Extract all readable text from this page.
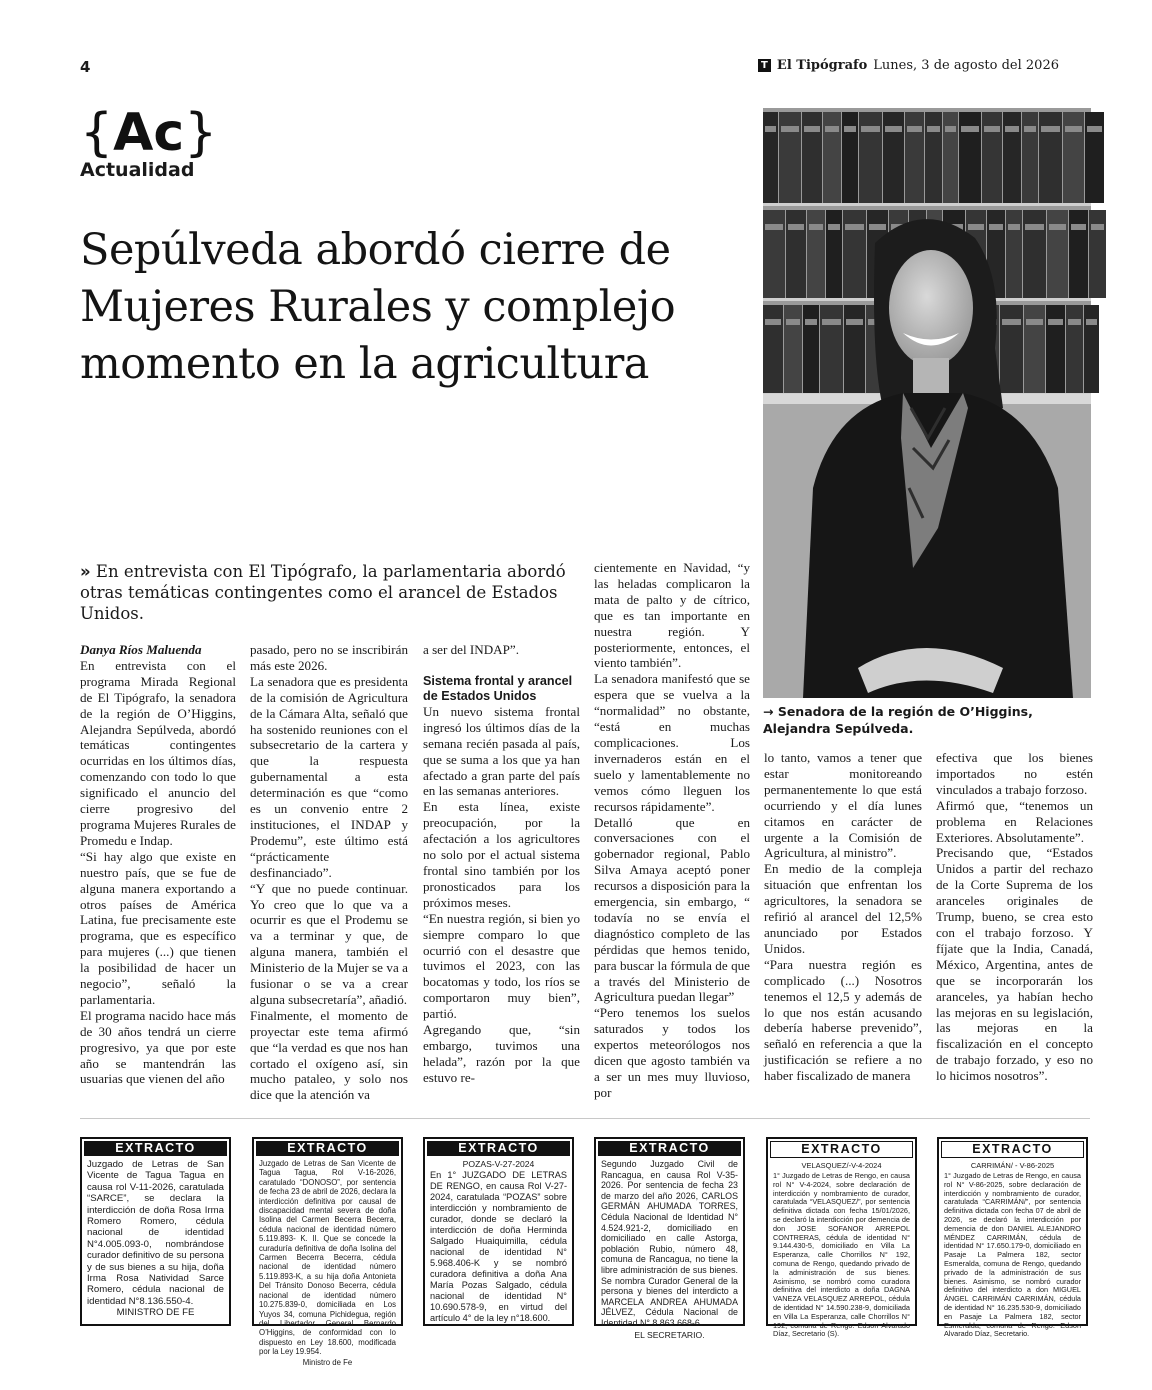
4	T El Tipógrafo Lunes, 3 de agosto del 2026
{Ac}
Actualidad
Sepúlveda abordó cierre de Mujeres Rurales y complejo momento en la agricultura
→ Senadora de la región de O’Higgins, Alejandra Sepúlveda.
» En entrevista con El Tipógrafo, la parlamentaria abordó otras temáticas contingentes como el arancel de Estados Unidos.

Danya Ríos Maluenda

En entrevista con el programa Mirada Regional de El Tipógrafo, la senadora de la región de O’Higgins, Alejandra Sepúlveda, abordó temáticas contingentes ocurridas en los últimos días, comenzando con todo lo que significado el anuncio del cierre progresivo del programa Mujeres Rurales de Promedu e Indap.

“Si hay algo que existe en nuestro país, que se fue de alguna manera exportando a otros países de América Latina, fue precisamente este programa, que es específico para mujeres (...) que tienen la posibilidad de hacer un negocio”, señaló la parlamentaria.

El programa nacido hace más de 30 años tendrá un cierre progresivo, ya que por este año se mantendrán las usuarias que vienen del año

pasado, pero no se inscribirán más este 2026.

La senadora que es presidenta de la comisión de Agricultura de la Cámara Alta, señaló que ha sostenido reuniones con el subsecretario de la cartera y que la respuesta gubernamental a esta determinación es que “como es un convenio entre 2 instituciones, el INDAP y Prodemu”, este último está “prácticamente desfinanciado”.

“Y que no puede continuar. Yo creo que lo que va a ocurrir es que el Prodemu se va a terminar y que, de alguna manera, también el Ministerio de la Mujer se va a fusionar o se va a crear alguna subsecretaría”, añadió.

Finalmente, el momento de proyectar este tema afirmó que “la verdad es que nos han cortado el oxígeno así, sin mucho pataleo, y solo nos dice que la atención va

a ser del INDAP”.

Sistema frontal y arancel de Estados Unidos

Un nuevo sistema frontal ingresó los últimos días de la semana recién pasada al país, que se suma a los que ya han afectado a gran parte del país en las semanas anteriores.

En esta línea, existe preocupación, por la afectación a los agricultores no solo por el actual sistema frontal sino también por los pronosticados para los próximos meses.

“En nuestra región, si bien yo siempre comparo lo que ocurrió con el desastre que tuvimos el 2023, con las bocatomas y todo, los ríos se comportaron muy bien”, partió.

Agregando que, “sin embargo, tuvimos una helada”, razón por la que estuvo re-

cientemente en Navidad, “y las heladas complicaron la mata de palto y de cítrico, que es tan importante en nuestra región. Y posteriormente, entonces, el viento también”.

La senadora manifestó que se espera que se vuelva a la “normalidad” no obstante, “está en muchas complicaciones. Los invernaderos están en el suelo y lamentablemente no vemos cómo lleguen los recursos rápidamente”.

Detalló que en conversaciones con el gobernador regional, Pablo Silva Amaya aceptó poner recursos a disposición para la emergencia, sin embargo, “ todavía no se envía el diagnóstico completo de las pérdidas que hemos tenido, para buscar la fórmula de que a través del Ministerio de Agricultura puedan llegar”

“Pero tenemos los suelos saturados y todos los expertos meteorólogos nos dicen que agosto también va a ser un mes muy lluvioso, por

lo tanto, vamos a tener que estar monitoreando permanentemente lo que está ocurriendo y el día lunes citamos en carácter de urgente a la Comisión de Agricultura, al ministro”.

En medio de la compleja situación que enfrentan los agricultores, la senadora se refirió al arancel del 12,5% anunciado por Estados Unidos.

“Para nuestra región es complicado (...) Nosotros tenemos el 12,5 y además de lo que nos están acusando debería haberse prevenido”, señaló en referencia a que la justificación se refiere a no haber fiscalizado de manera

efectiva que los bienes importados no estén vinculados a trabajo forzoso.

Afirmó que, “tenemos un problema en Relaciones Exteriores. Absolutamente”.

Precisando que, “Estados Unidos a partir del rechazo de la Corte Suprema de los aranceles originales de Trump, bueno, se crea esto con el trabajo forzoso. Y fíjate que la India, Canadá, México, Argentina, antes de que se incorporarán los aranceles, ya habían hecho las mejoras en su legislación, las mejoras en la fiscalización en el concepto de trabajo forzado, y eso no lo hicimos nosotros”.

EXTRACTO

Juzgado de Letras de San Vicente de Tagua Tagua en causa rol V-11-2026, caratulada “SARCE”, se declara la interdicción de doña Rosa Irma Romero Romero, cédula nacional de identidad N°4.005.093-0, nombrándose curador definitivo de su persona y de sus bienes a su hija, doña Irma Rosa Natividad Sarce Romero, cédula nacional de identidad N°8.136.550-4.

MINISTRO DE FE

EXTRACTO

Juzgado de Letras de San Vicente de Tagua Tagua, Rol V-16-2026, caratulado “DONOSO”, por sentencia de fecha 23 de abril de 2026, declara la interdicción definitiva por causal de discapacidad mental severa de doña Isolina del Carmen Becerra Becerra, cédula nacional de identidad número 5.119.893- K. II. Que se concede la curaduría definitiva de doña Isolina del Carmen Becerra Becerra, cédula nacional de identidad número 5.119.893-K, a su hija doña Antonieta Del Tránsito Donoso Becerra, cédula nacional de identidad número 10.275.839-0, domiciliada en Los Yuyos 34, comuna Pichidegua, región del Libertador General Bernardo O’Higgins, de conformidad con lo dispuesto en Ley 18.600, modificada por la Ley 19.954.

Ministro de Fe

EXTRACTO

POZAS-V-27-2024

En 1° JUZGADO DE LETRAS DE RENGO, en causa Rol V-27-2024, caratulada “POZAS” sobre interdicción y nombramiento de curador, donde se declaró la interdicción de doña Herminda Salgado Huaiquimilla, cédula nacional de identidad N° 5.968.406-K y se nombró curadora definitiva a doña Ana María Pozas Salgado, cédula nacional de identidad N° 10.690.578-9, en virtud del artículo 4° de la ley n°18.600.

EXTRACTO

Segundo Juzgado Civil de Rancagua, en causa Rol V-35-2026. Por sentencia de fecha 23 de marzo del año 2026, CARLOS GERMÁN AHUMADA TORRES, Cédula Nacional de Identidad N° 4.524.921-2, domiciliado en domiciliado en calle Astorga, población Rubio, número 48, comuna de Rancagua, no tiene la libre administración de sus bienes. Se nombra Curador General de la persona y bienes del interdicto a MARCELA ANDREA AHUMADA JÉLVEZ, Cédula Nacional de Identidad N° 8.863.668-6.

EL SECRETARIO.

EXTRACTO

VELASQUEZ/-V-4-2024

1° Juzgado de Letras de Rengo, en causa rol N° V-4-2024, sobre declaración de interdicción y nombramiento de curador, caratulada “VELASQUEZ/”, por sentencia definitiva dictada con fecha 15/01/2026, se declaró la interdicción por demencia de don JOSE SOFANOR ARREPOL CONTRERAS, cédula de identidad N° 9.144.430-5, domiciliado en Villa La Esperanza, calle Chorrillos N° 192, comuna de Rengo, quedando privado de la administración de sus bienes. Asimismo, se nombró como curadora definitiva del interdicto a doña DAGNA VANEZA VELASQUEZ ARREPOL, cédula de identidad N° 14.590.238-9, domiciliada en Villa La Esperanza, calle Chorrillos N° 192, comuna de Rengo. Edson Alvarado Díaz, Secretario (S).

EXTRACTO

CARRIMÁN/ - V-86-2025

1° Juzgado de Letras de Rengo, en causa rol N° V-86-2025, sobre declaración de interdicción y nombramiento de curador, caratulada “CARRIMÁN/”, por sentencia definitiva dictada con fecha 07 de abril de 2026, se declaró la interdicción por demencia de don DANIEL ALEJANDRO MÉNDEZ CARRIMÁN, cédula de identidad N° 17.650.179-0, domiciliado en Pasaje La Palmera 182, sector Esmeralda, comuna de Rengo, quedando privado de la administración de sus bienes. Asimismo, se nombró curador definitivo del interdicto a don MIGUEL ÁNGEL CARRIMÁN CARRIMÁN, cédula de identidad N° 16.235.530-9, domiciliado en Pasaje La Palmera 182, sector Esmeralda, comuna de Rengo. Edson Alvarado Díaz, Secretario.
